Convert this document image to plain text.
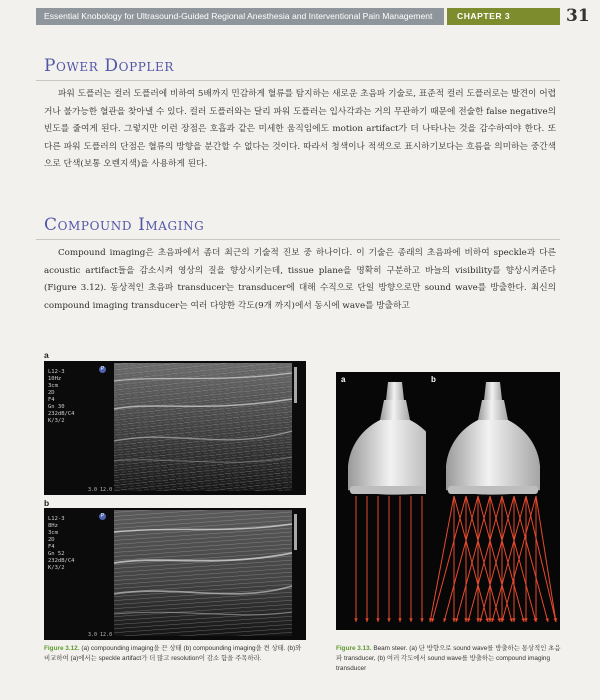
Essential Knobology for Ultrasound-Guided Regional Anesthesia and Interventional Pain Management	CHAPTER 3	31
Power Doppler

파워 도플러는 컬러 도플러에 비하여 5배까지 민감하게 혈류를 탐지하는 새로운 초음파 기술로, 표준적 컬러 도플러로는 발견이 어렵거나 불가능한 혈관을 찾아낼 수 있다. 컬러 도플러와는 달리 파워 도플러는 입사각과는 거의 무관하기 때문에 전술한 false negative의 빈도를 줄여게 된다. 그렇지만 이런 장점은 호흡과 같은 미세한 움직임에도 motion artifact가 더 나타나는 것을 감수하여야 한다. 또 다른 파워 도플러의 단점은 혈류의 방향을 분간할 수 없다는 것이다. 따라서 청색이나 적색으로 표시하기보다는 흐름을 의미하는 중간색으로 단색(보통 오렌지색)을 사용하게 된다.

Compound Imaging

Compound imaging은 초음파에서 좀더 최근의 기술적 진보 중 하나이다. 이 기술은 종래의 초음파에 비하여 speckle과 다른 acoustic artifact들을 감소시켜 영상의 질을 향상시키는데, tissue plane을 명확히 구분하고 바늘의 visibility를 향상시켜준다(Figure 3.12). 동상적인 초음파 transducer는 transducer에 대해 수직으로 단일 방향으로만 sound wave를 방출한다. 최신의 compound imaging transducer는 여러 다양한 각도(9개 까지)에서 동시에 wave를 방출하고

a
P
L12-3
10Hz
3cm
2D
F4
Gn 30
232dB/C4
K/3/2
3.0 12.0
b
P
L12-3
8Hz
3cm
2D
F4
Gn 52
232dB/C4
K/3/2
3.0 12.0
Figure 3.12. (a) compounding imaging을 끈 상태 (b) compounding imaging을 켠 상태. (b)와 비교하여 (a)에서는 speckle artifact가 더 많고 resolution이 감소 함을 주목하라.
a	b
Figure 3.13. Beam steer. (a) 단 방향으로 sound wave를 방출하는 통상적인 초음파 transducer, (b) 여러 각도에서 sound wave를 방출하는 compound imaging transducer
